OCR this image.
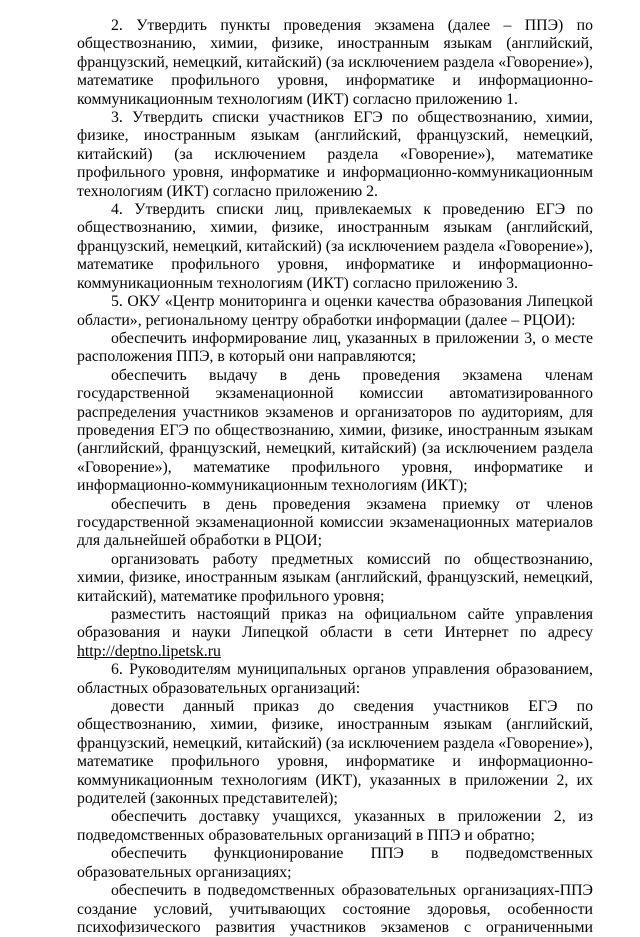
2. Утвердить пункты проведения экзамена (далее – ППЭ) по обществознанию, химии, физике, иностранным языкам (английский, французский, немецкий, китайский) (за исключением раздела «Говорение»), математике профильного уровня, информатике и информационно-коммуникационным технологиям (ИКТ) согласно приложению 1.

3. Утвердить списки участников ЕГЭ по обществознанию, химии, физике, иностранным языкам (английский, французский, немецкий, китайский) (за исключением раздела «Говорение»), математике профильного уровня, информатике и информационно-коммуникационным технологиям (ИКТ) согласно приложению 2.

4. Утвердить списки лиц, привлекаемых к проведению ЕГЭ по обществознанию, химии, физике, иностранным языкам (английский, французский, немецкий, китайский) (за исключением раздела «Говорение»), математике профильного уровня, информатике и информационно-коммуникационным технологиям (ИКТ) согласно приложению 3.

5. ОКУ «Центр мониторинга и оценки качества образования Липецкой области», региональному центру обработки информации (далее – РЦОИ):

обеспечить информирование лиц, указанных в приложении 3, о месте расположения ППЭ, в который они направляются;

обеспечить выдачу в день проведения экзамена членам государственной экзаменационной комиссии автоматизированного распределения участников экзаменов и организаторов по аудиториям, для проведения ЕГЭ по обществознанию, химии, физике, иностранным языкам (английский, французский, немецкий, китайский) (за исключением раздела «Говорение»), математике профильного уровня, информатике и информационно-коммуникационным технологиям (ИКТ);

обеспечить в день проведения экзамена приемку от членов государственной экзаменационной комиссии экзаменационных материалов для дальнейшей обработки в РЦОИ;

организовать работу предметных комиссий по обществознанию, химии, физике, иностранным языкам (английский, французский, немецкий, китайский), математике профильного уровня;

разместить настоящий приказ на официальном сайте управления образования и науки Липецкой области в сети Интернет по адресу http://deptno.lipetsk.ru

6. Руководителям муниципальных органов управления образованием, областных образовательных организаций:

довести данный приказ до сведения участников ЕГЭ по обществознанию, химии, физике, иностранным языкам (английский, французский, немецкий, китайский) (за исключением раздела «Говорение»), математике профильного уровня, информатике и информационно-коммуникационным технологиям (ИКТ), указанных в приложении 2, их родителей (законных представителей);

обеспечить доставку учащихся, указанных в приложении 2, из подведомственных образовательных организаций в ППЭ и обратно;

обеспечить функционирование ППЭ в подведомственных образовательных организациях;

обеспечить в подведомственных образовательных организациях-ППЭ создание условий, учитывающих состояние здоровья, особенности психофизического развития участников экзаменов с ограниченными
